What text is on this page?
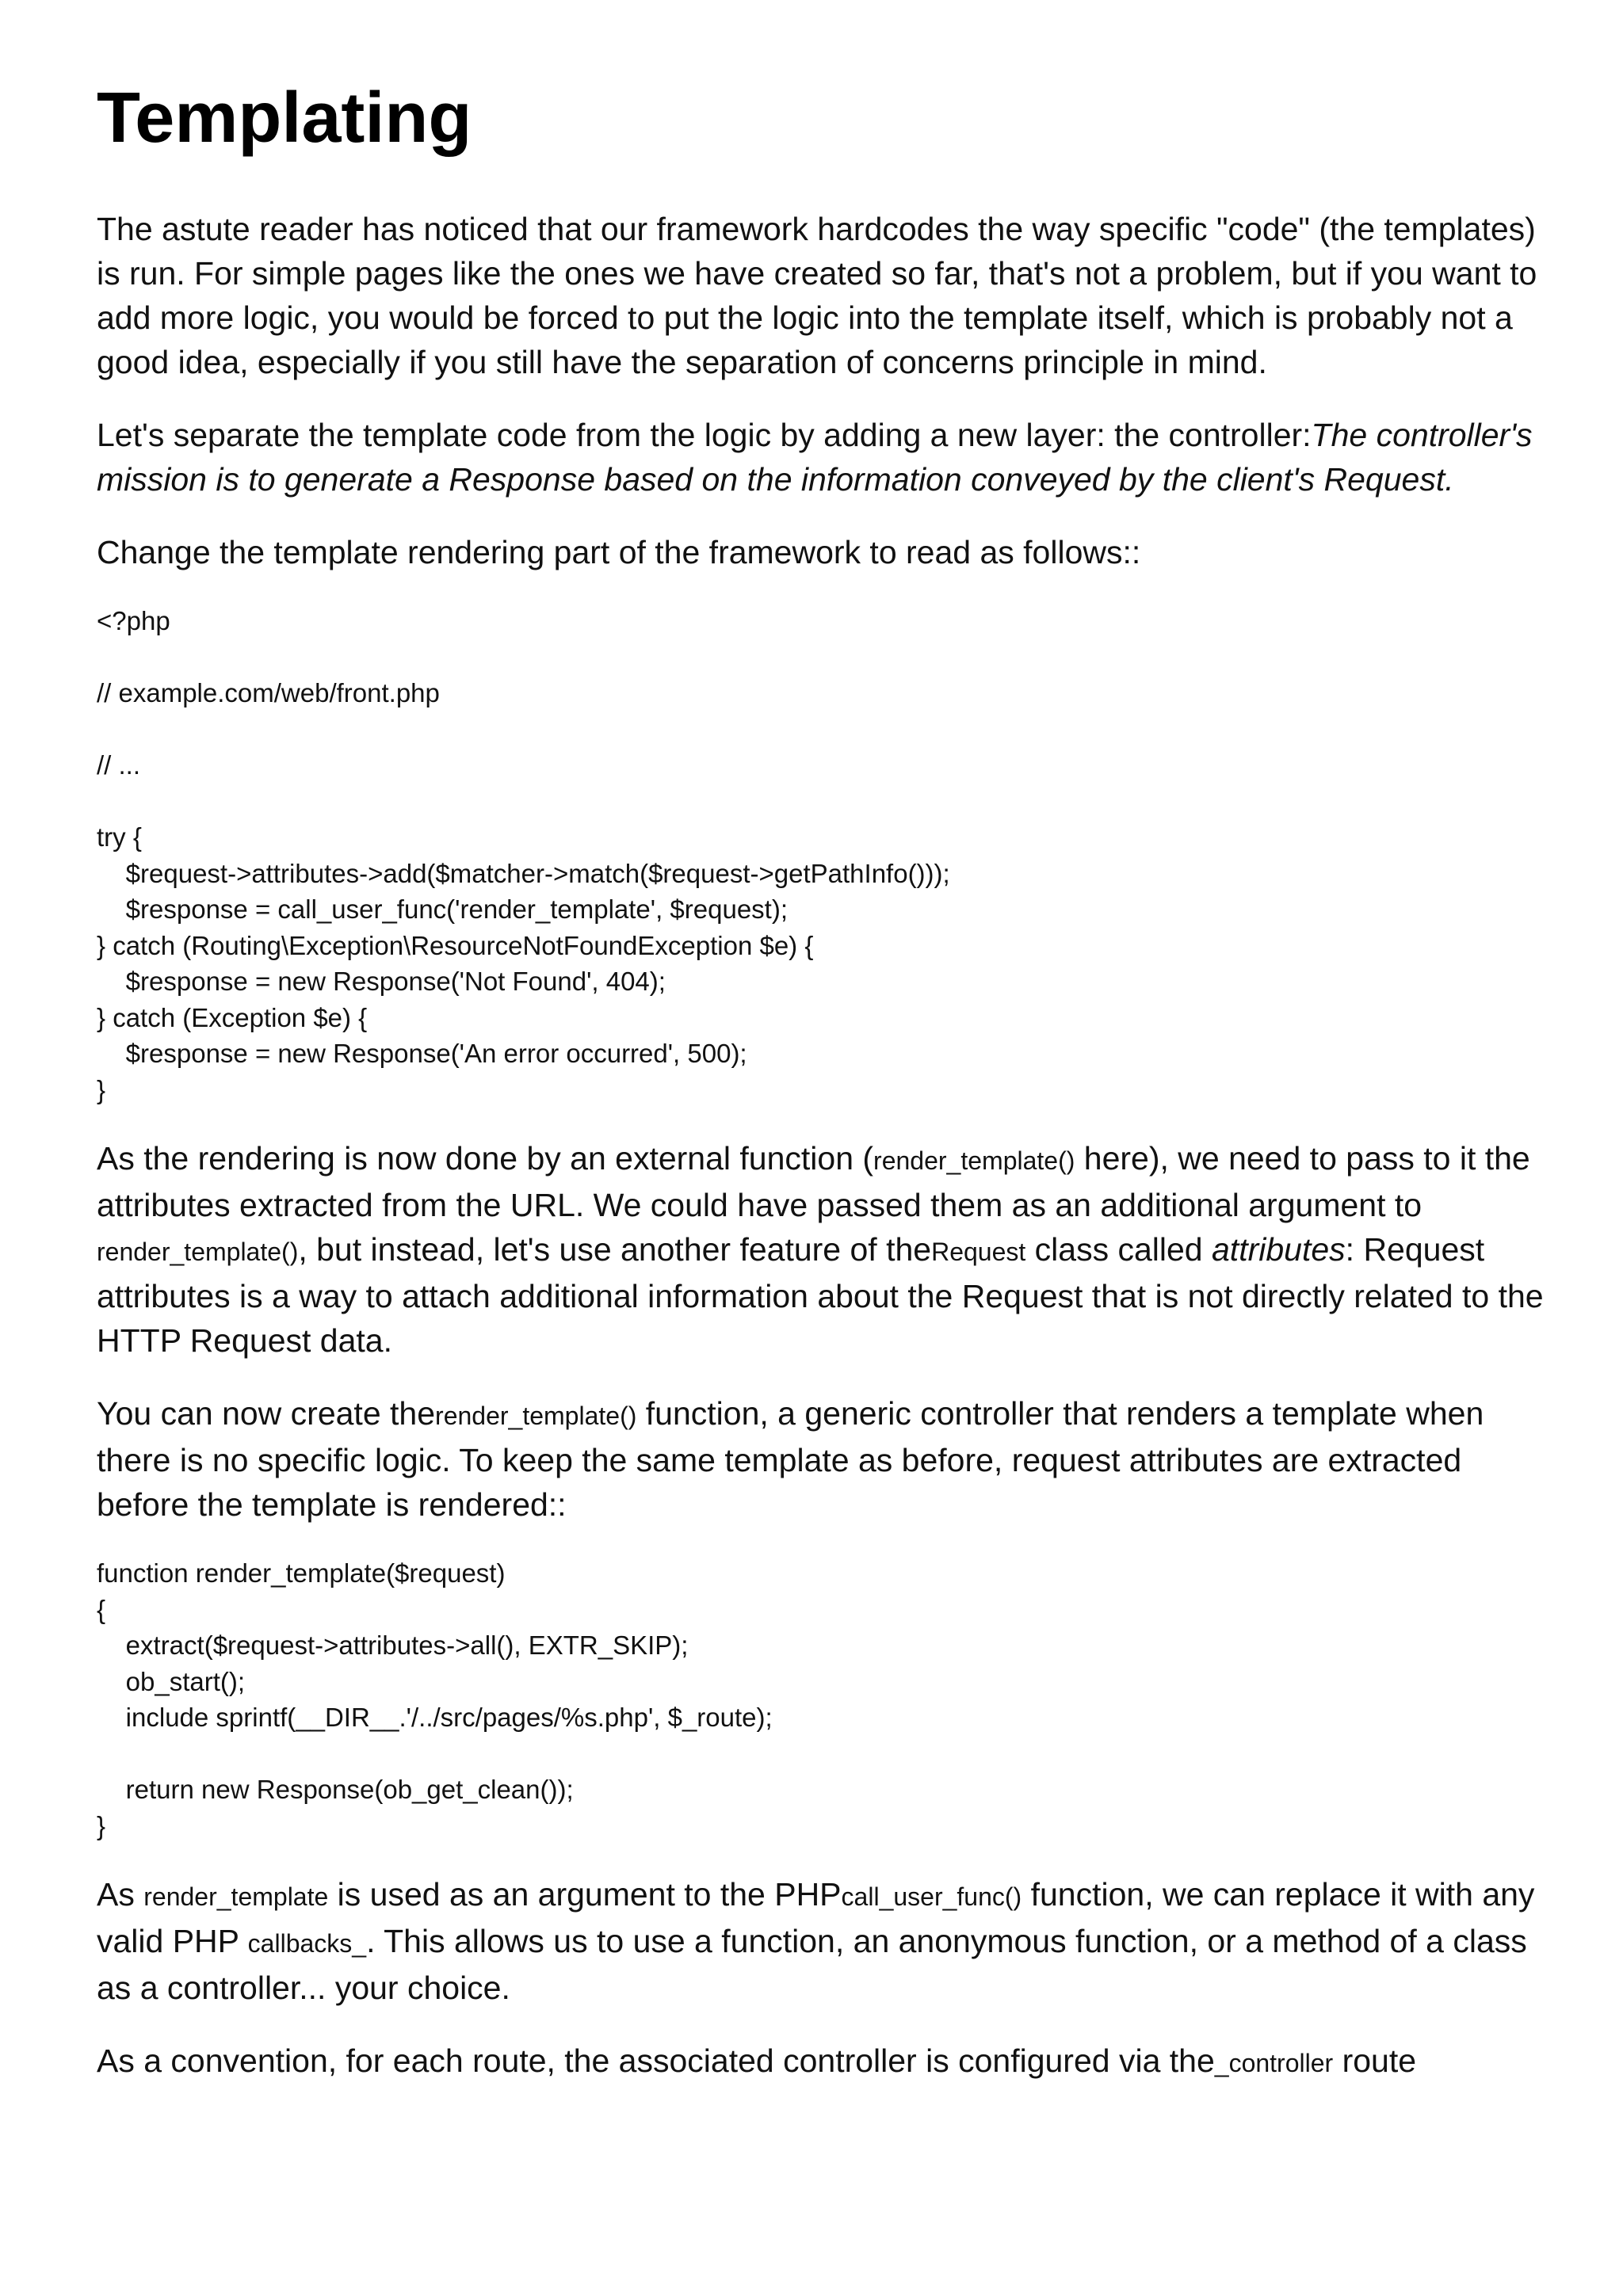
Templating

The astute reader has noticed that our framework hardcodes the way specific "code" (the templates) is run. For simple pages like the ones we have created so far, that's not a problem, but if you want to add more logic, you would be forced to put the logic into the template itself, which is probably not a good idea, especially if you still have the separation of concerns principle in mind.

Let's separate the template code from the logic by adding a new layer: the controller:The controller's mission is to generate a Response based on the information conveyed by the client's Request.

Change the template rendering part of the framework to read as follows::

<?php
// example.com/web/front.php
// ...
try {
$request->attributes->add($matcher->match($request->getPathInfo()));
$response = call_user_func('render_template', $request);
} catch (Routing\Exception\ResourceNotFoundException $e) {
$response = new Response('Not Found', 404);
} catch (Exception $e) {
$response = new Response('An error occurred', 500);
}

As the rendering is now done by an external function (render_template() here), we need to pass to it the attributes extracted from the URL. We could have passed them as an additional argument to render_template(), but instead, let's use another feature of theRequest class called attributes: Request attributes is a way to attach additional information about the Request that is not directly related to the HTTP Request data.

You can now create therender_template() function, a generic controller that renders a template when there is no specific logic. To keep the same template as before, request attributes are extracted before the template is rendered::

function render_template($request)
{
extract($request->attributes->all(), EXTR_SKIP);
ob_start();
include sprintf(__DIR__.'/../src/pages/%s.php', $_route);
return new Response(ob_get_clean());
}

As render_template is used as an argument to the PHPcall_user_func() function, we can replace it with any valid PHP callbacks_. This allows us to use a function, an anonymous function, or a method of a class as a controller... your choice.

As a convention, for each route, the associated controller is configured via the_controller route
